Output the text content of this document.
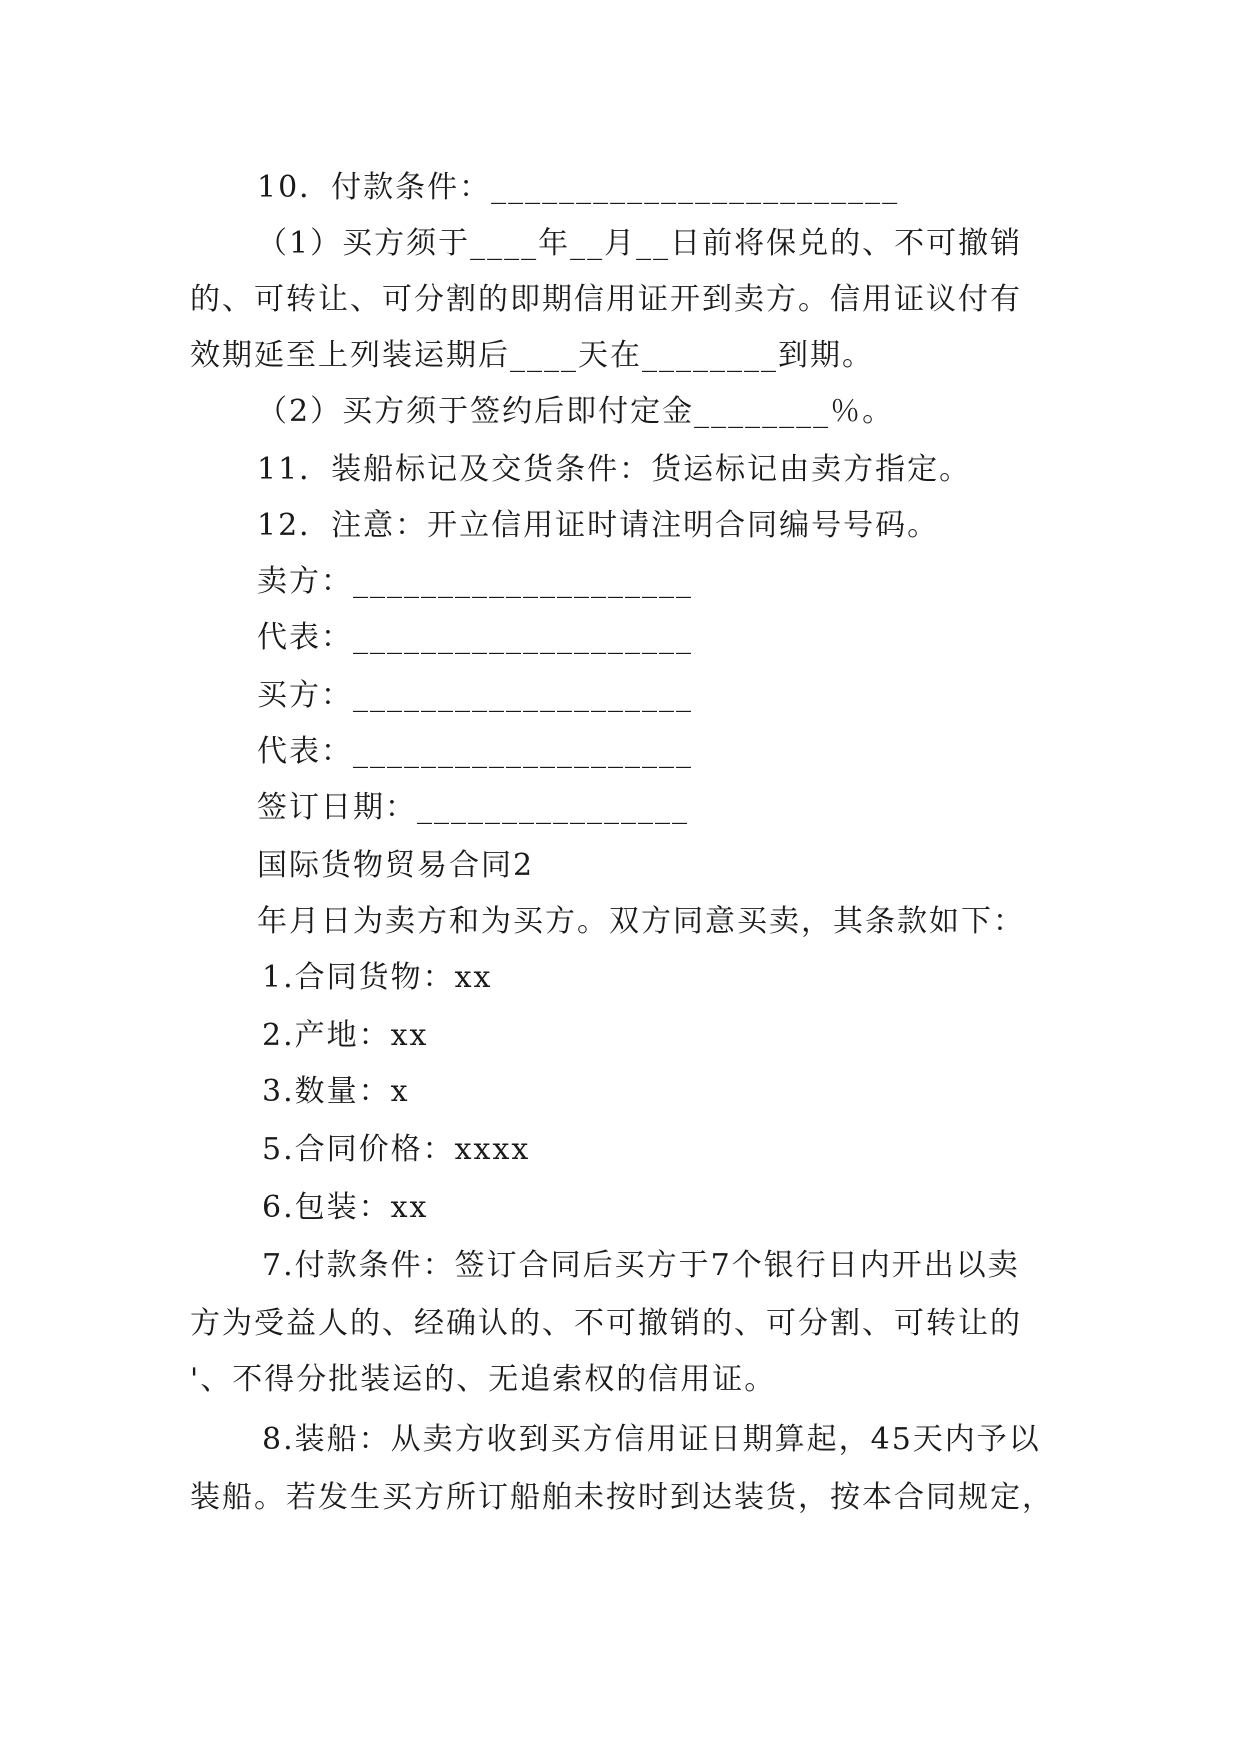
10．付款条件：________________________
（1）买方须于____年__月__日前将保兑的、不可撤销
的、可转让、可分割的即期信用证开到卖方。信用证议付有
效期延至上列装运期后____天在________到期。
（2）买方须于签约后即付定金________％。
11．装船标记及交货条件：货运标记由卖方指定。
12．注意：开立信用证时请注明合同编号号码。
卖方：____________________
代表：____________________
买方：____________________
代表：____________________
签订日期：________________
国际货物贸易合同2
年月日为卖方和为买方。双方同意买卖，其条款如下：
1.合同货物：xx
2.产地：xx
3.数量：x
5.合同价格：xxxx
6.包装：xx
7.付款条件：签订合同后买方于7个银行日内开出以卖
方为受益人的、经确认的、不可撤销的、可分割、可转让的
'、不得分批装运的、无追索权的信用证。
8.装船：从卖方收到买方信用证日期算起，45天内予以
装船。若发生买方所订船舶未按时到达装货，按本合同规定，
